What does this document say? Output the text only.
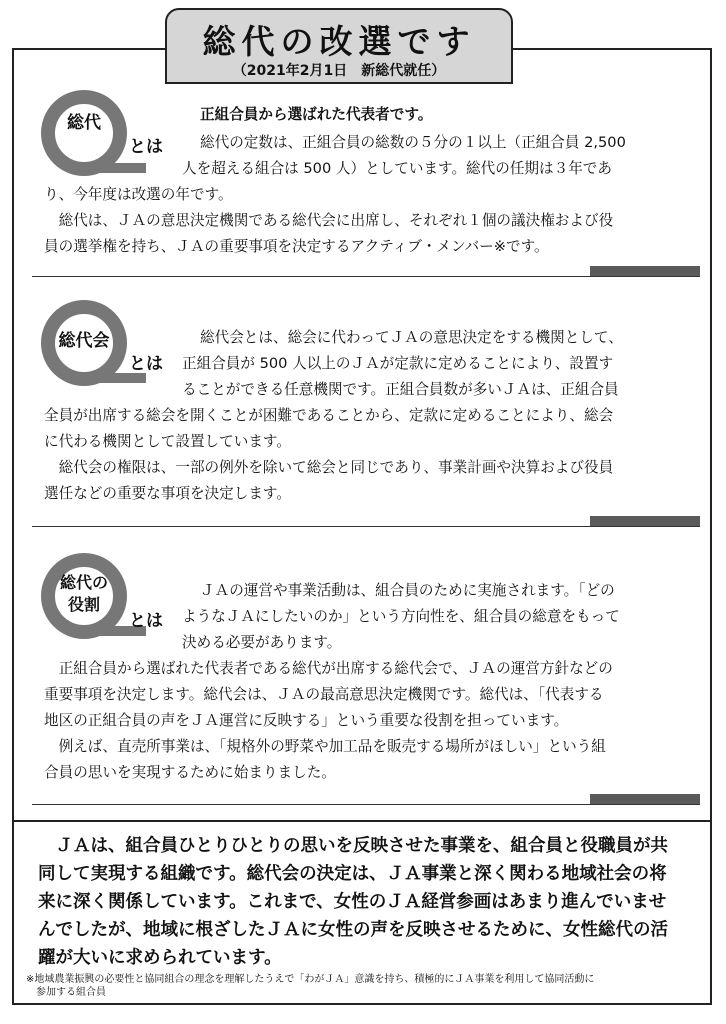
総代の改選です
（2021年2月1日　新総代就任）
総代
とは
正組合員から選ばれた代表者です。
総代の定数は、正組合員の総数の５分の１以上（正組合員 2,500
人を超える組合は 500 人）としています。総代の任期は３年であ
り、今年度は改選の年です。
　総代は、ＪＡの意思決定機関である総代会に出席し、それぞれ１個の議決権および役
員の選挙権を持ち、ＪＡの重要事項を決定するアクティブ・メンバー※です。
総代会
とは
総代会とは、総会に代わってＪＡの意思決定をする機関として、
正組合員が 500 人以上のＪＡが定款に定めることにより、設置す
ることができる任意機関です。正組合員数が多いＪＡは、正組合員
全員が出席する総会を開くことが困難であることから、定款に定めることにより、総会
に代わる機関として設置しています。
　総代会の権限は、一部の例外を除いて総会と同じであり、事業計画や決算および役員
選任などの重要な事項を決定します。
総代の
役割
とは
ＪＡの運営や事業活動は、組合員のために実施されます。「どの
ようなＪＡにしたいのか」という方向性を、組合員の総意をもって
決める必要があります。
　正組合員から選ばれた代表者である総代が出席する総代会で、ＪＡの運営方針などの
重要事項を決定します。総代会は、ＪＡの最高意思決定機関です。総代は、「代表する
地区の正組合員の声をＪＡ運営に反映する」という重要な役割を担っています。
　例えば、直売所事業は、「規格外の野菜や加工品を販売する場所がほしい」という組
合員の思いを実現するために始まりました。
　ＪＡは、組合員ひとりひとりの思いを反映させた事業を、組合員と役職員が共
同して実現する組織です。総代会の決定は、ＪＡ事業と深く関わる地域社会の将
来に深く関係しています。これまで、女性のＪＡ経営参画はあまり進んでいませ
んでしたが、地域に根ざしたＪＡに女性の声を反映させるために、女性総代の活
躍が大いに求められています。
※地域農業振興の必要性と協同組合の理念を理解したうえで「わがＪＡ」意識を持ち、積極的にＪＡ事業を利用して協同活動に
　参加する組合員
